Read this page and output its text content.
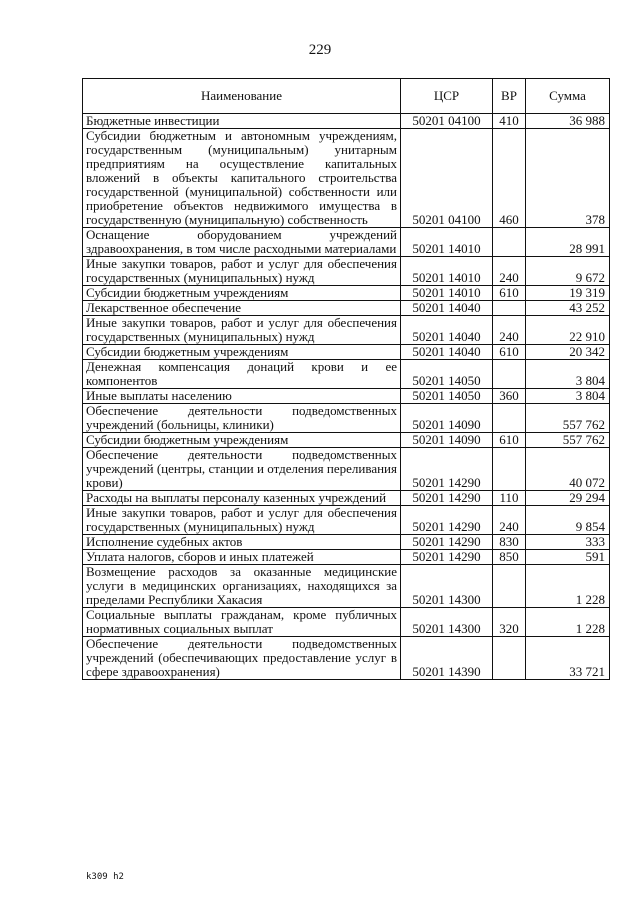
229
Наименование	ЦСР	ВР	Сумма
Бюджетные инвестиции	50201 04100	410	36 988
Субсидии бюджетным и автономным учреждениям, государственным (муниципальным) унитарным предприятиям на осуществление капитальных вложений в объекты капитального строительства государственной (муниципальной) собственности или приобретение объектов недвижимого имущества в государственную (муниципальную) собственность	50201 04100	460	378
Оснащение оборудованием учреждений здравоохранения, в том числе расходными материалами	50201 14010		28 991
Иные закупки товаров, работ и услуг для обеспечения государственных (муниципальных) нужд	50201 14010	240	9 672
Субсидии бюджетным учреждениям	50201 14010	610	19 319
Лекарственное обеспечение	50201 14040		43 252
Иные закупки товаров, работ и услуг для обеспечения государственных (муниципальных) нужд	50201 14040	240	22 910
Субсидии бюджетным учреждениям	50201 14040	610	20 342
Денежная компенсация донаций крови и ее компонентов	50201 14050		3 804
Иные выплаты населению	50201 14050	360	3 804
Обеспечение деятельности подведомственных учреждений (больницы, клиники)	50201 14090		557 762
Субсидии бюджетным учреждениям	50201 14090	610	557 762
Обеспечение деятельности подведомственных учреждений (центры, станции и отделения переливания крови)	50201 14290		40 072
Расходы на выплаты персоналу казенных учреждений	50201 14290	110	29 294
Иные закупки товаров, работ и услуг для обеспечения государственных (муниципальных) нужд	50201 14290	240	9 854
Исполнение судебных актов	50201 14290	830	333
Уплата налогов, сборов и иных платежей	50201 14290	850	591
Возмещение расходов за оказанные медицинские услуги в медицинских организациях, находящихся за пределами Республики Хакасия	50201 14300		1 228
Социальные выплаты гражданам, кроме публичных нормативных социальных выплат	50201 14300	320	1 228
Обеспечение деятельности подведомственных учреждений (обеспечивающих предоставление услуг в сфере здравоохранения)	50201 14390		33 721
k309 h2
